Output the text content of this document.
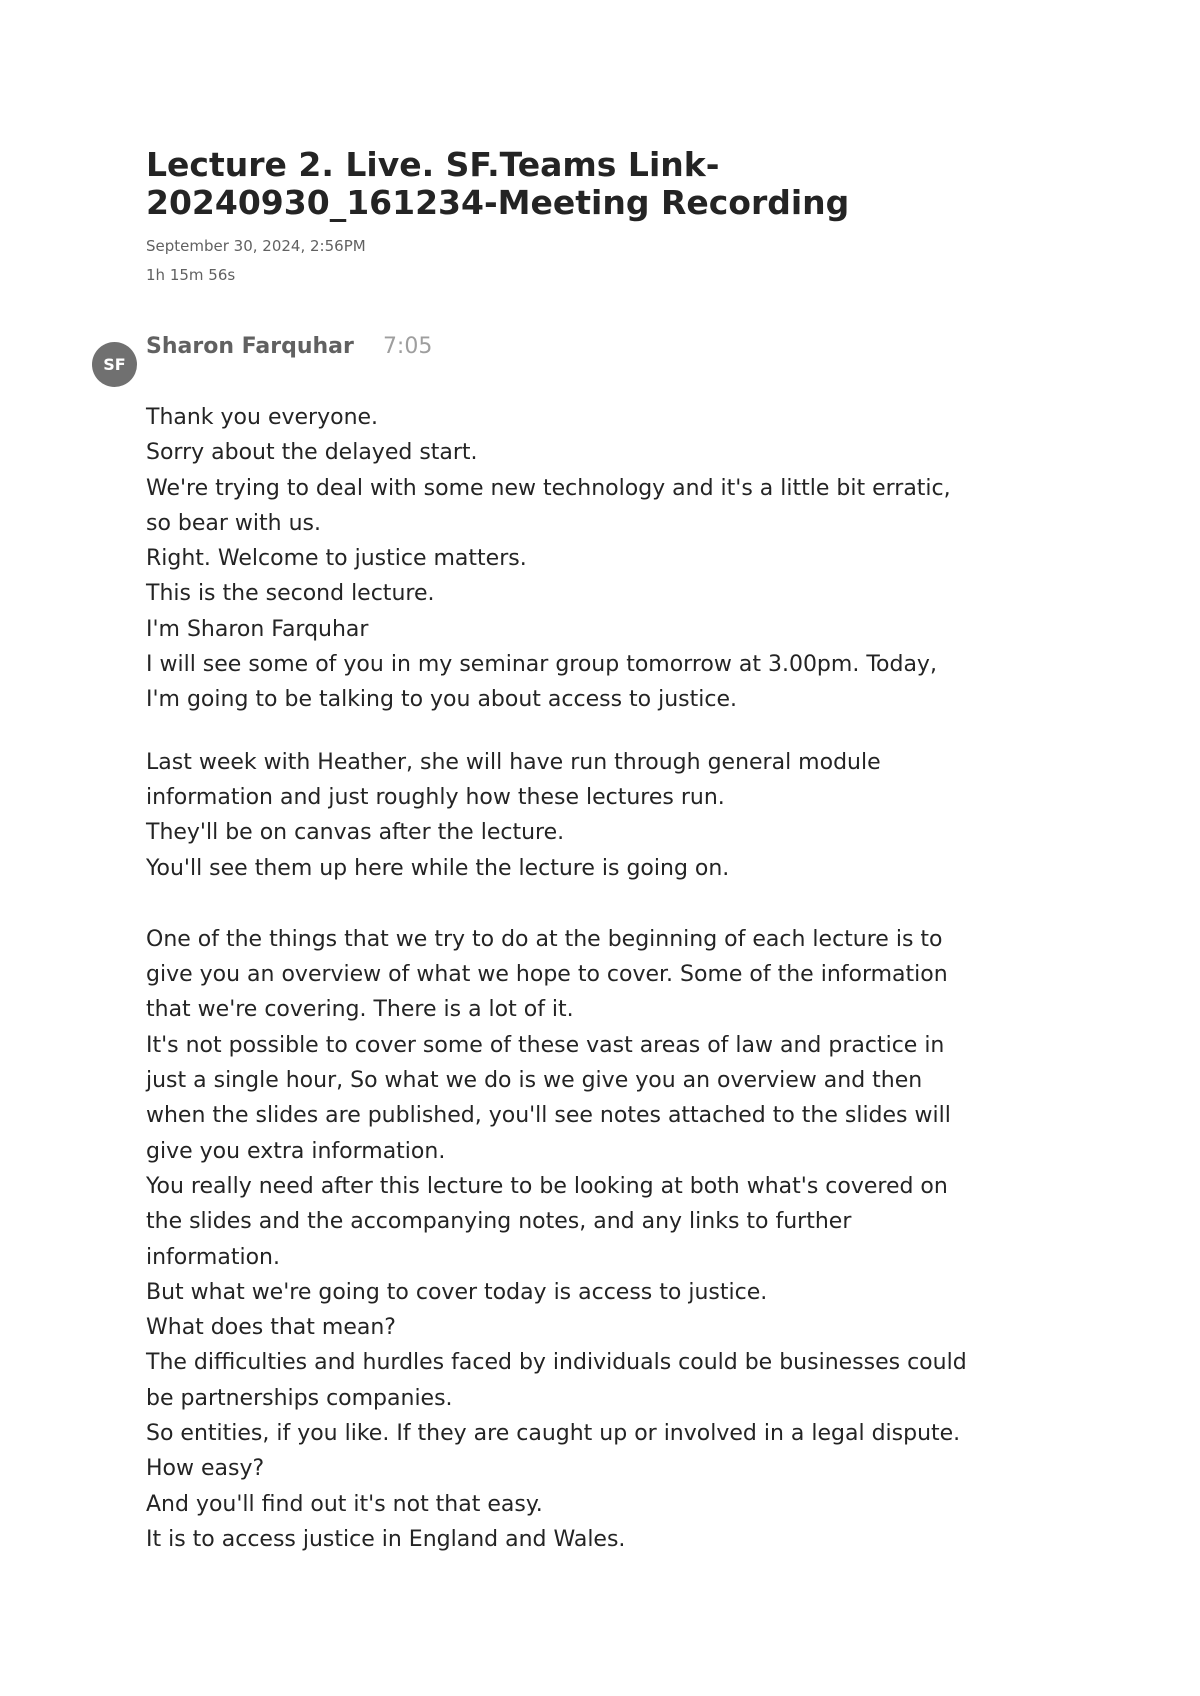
Lecture 2. Live. SF.Teams Link-
20240930_161234-Meeting Recording
September 30, 2024, 2:56PM
1h 15m 56s
SF
Sharon Farquhar 7:05
Thank you everyone.
Sorry about the delayed start.
We're trying to deal with some new technology and it's a little bit erratic,
so bear with us.
Right. Welcome to justice matters.
This is the second lecture.
I'm Sharon Farquhar
I will see some of you in my seminar group tomorrow at 3.00pm. Today,
I'm going to be talking to you about access to justice.
Last week with Heather, she will have run through general module
information and just roughly how these lectures run.
They'll be on canvas after the lecture.
You'll see them up here while the lecture is going on.
One of the things that we try to do at the beginning of each lecture is to
give you an overview of what we hope to cover. Some of the information
that we're covering. There is a lot of it.
It's not possible to cover some of these vast areas of law and practice in
just a single hour, So what we do is we give you an overview and then
when the slides are published, you'll see notes attached to the slides will
give you extra information.
You really need after this lecture to be looking at both what's covered on
the slides and the accompanying notes, and any links to further
information.
But what we're going to cover today is access to justice.
What does that mean?
The difficulties and hurdles faced by individuals could be businesses could
be partnerships companies.
So entities, if you like. If they are caught up or involved in a legal dispute.
How easy?
And you'll find out it's not that easy.
It is to access justice in England and Wales.
